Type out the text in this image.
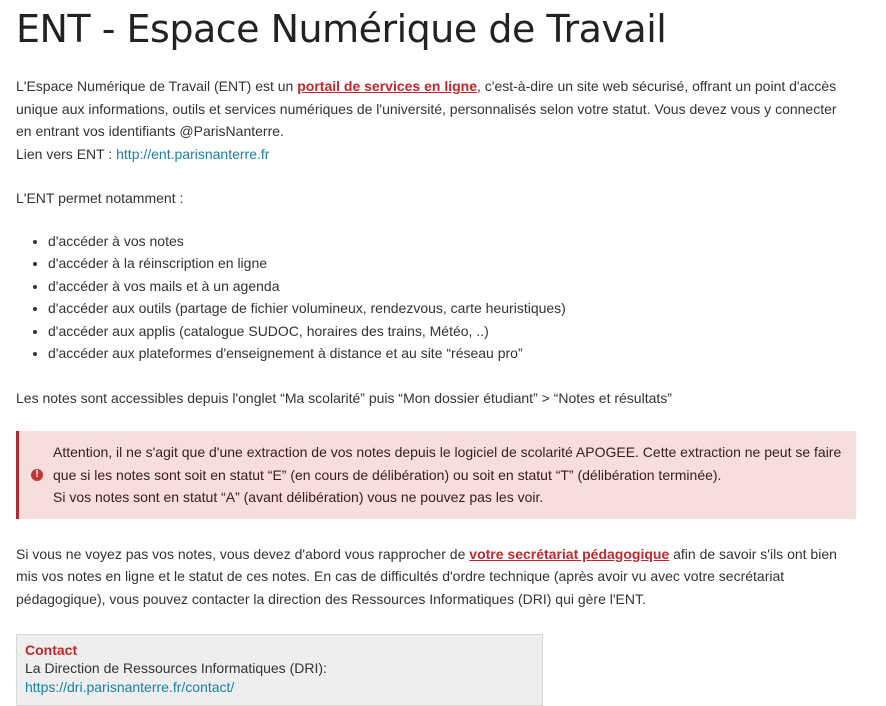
ENT - Espace Numérique de Travail

L'Espace Numérique de Travail (ENT) est un portail de services en ligne, c'est-à-dire un site web sécurisé, offrant un point d'accès unique aux informations, outils et services numériques de l'université, personnalisés selon votre statut. Vous devez vous y connecter en entrant vos identifiants @ParisNanterre.

Lien vers ENT : http://ent.parisnanterre.fr

L'ENT permet notamment :

• d'accéder à vos notes
• d'accéder à la réinscription en ligne
• d'accéder à vos mails et à un agenda
• d'accéder aux outils (partage de fichier volumineux, rendezvous, carte heuristiques)
• d'accéder aux applis (catalogue SUDOC, horaires des trains, Météo, ..)
• d'accéder aux plateformes d'enseignement à distance et au site “réseau pro”

Les notes sont accessibles depuis l'onglet “Ma scolarité” puis “Mon dossier étudiant” > “Notes et résultats”

!

Attention, il ne s'agit que d'une extraction de vos notes depuis le logiciel de scolarité APOGEE. Cette extraction ne peut se faire que si les notes sont soit en statut “E” (en cours de délibération) ou soit en statut “T” (délibération terminée).

Si vos notes sont en statut “A” (avant délibération) vous ne pouvez pas les voir.

Si vous ne voyez pas vos notes, vous devez d'abord vous rapprocher de votre secrétariat pédagogique afin de savoir s'ils ont bien mis vos notes en ligne et le statut de ces notes. En cas de difficultés d'ordre technique (après avoir vu avec votre secrétariat pédagogique), vous pouvez contacter la direction des Ressources Informatiques (DRI) qui gère l'ENT.

Contact

La Direction de Ressources Informatiques (DRI):

https://dri.parisnanterre.fr/contact/
